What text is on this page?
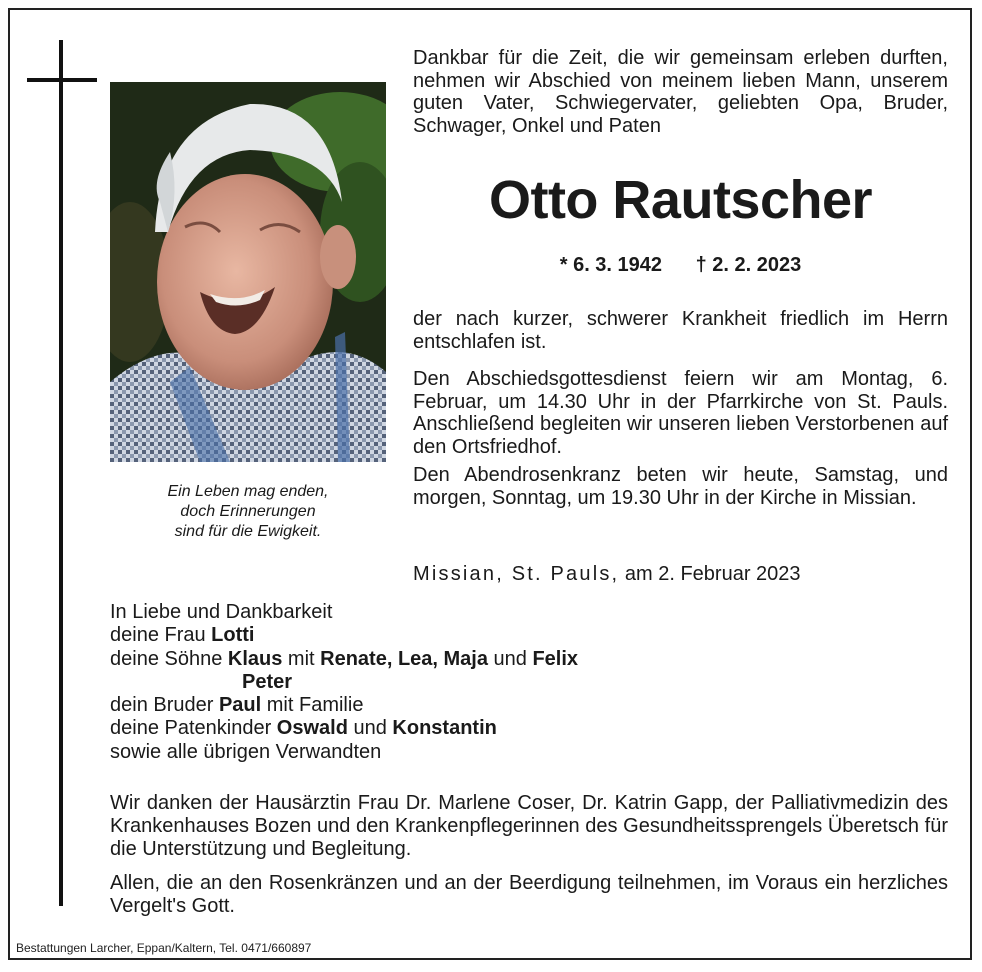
Ein Leben mag enden,
doch Erinnerungen
sind für die Ewigkeit.
Dankbar für die Zeit, die wir gemeinsam erleben durften, nehmen wir Abschied von meinem lieben Mann, unserem guten Vater, Schwiegervater, geliebten Opa, Bruder, Schwager, Onkel und Paten
Otto Rautscher
* 6. 3. 1942 † 2. 2. 2023
der nach kurzer, schwerer Krankheit friedlich im Herrn entschlafen ist.
Den Abschiedsgottesdienst feiern wir am Montag, 6. Februar, um 14.30 Uhr in der Pfarrkirche von St. Pauls. Anschließend begleiten wir unseren lieben Verstorbenen auf den Ortsfriedhof.
Den Abendrosenkranz beten wir heute, Samstag, und morgen, Sonntag, um 19.30 Uhr in der Kirche in Missian.
Missian, St. Pauls, am 2. Februar 2023
In Liebe und Dankbarkeit
deine Frau Lotti
deine Söhne Klaus mit Renate, Lea, Maja und Felix
Peter
dein Bruder Paul mit Familie
deine Patenkinder Oswald und Konstantin
sowie alle übrigen Verwandten
Wir danken der Hausärztin Frau Dr. Marlene Coser, Dr. Katrin Gapp, der Palliativmedizin des Krankenhauses Bozen und den Krankenpflegerinnen des Gesundheitssprengels Überetsch für die Unterstützung und Begleitung.
Allen, die an den Rosenkränzen und an der Beerdigung teilnehmen, im Voraus ein herzliches Vergelt's Gott.
Bestattungen Larcher, Eppan/Kaltern, Tel. 0471/660897
